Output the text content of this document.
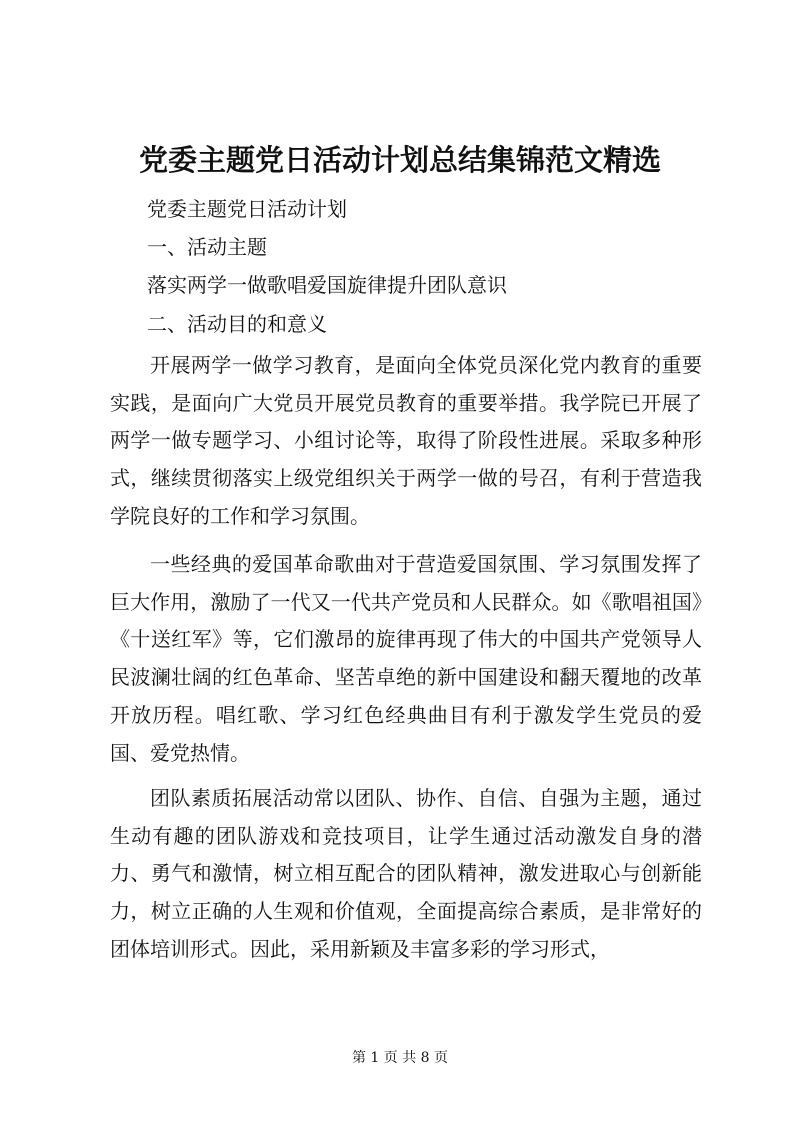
党委主题党日活动计划总结集锦范文精选

党委主题党日活动计划

一、活动主题

落实两学一做歌唱爱国旋律提升团队意识

二、活动目的和意义

开展两学一做学习教育，是面向全体党员深化党内教育的重要实践，是面向广大党员开展党员教育的重要举措。我学院已开展了两学一做专题学习、小组讨论等，取得了阶段性进展。采取多种形式，继续贯彻落实上级党组织关于两学一做的号召，有利于营造我学院良好的工作和学习氛围。

一些经典的爱国革命歌曲对于营造爱国氛围、学习氛围发挥了巨大作用，激励了一代又一代共产党员和人民群众。如《歌唱祖国》《十送红军》等，它们激昂的旋律再现了伟大的中国共产党领导人民波澜壮阔的红色革命、坚苦卓绝的新中国建设和翻天覆地的改革开放历程。唱红歌、学习红色经典曲目有利于激发学生党员的爱国、爱党热情。

团队素质拓展活动常以团队、协作、自信、自强为主题，通过生动有趣的团队游戏和竞技项目，让学生通过活动激发自身的潜力、勇气和激情，树立相互配合的团队精神，激发进取心与创新能力，树立正确的人生观和价值观，全面提高综合素质，是非常好的团体培训形式。因此，采用新颖及丰富多彩的学习形式，

第 1 页 共 8 页
